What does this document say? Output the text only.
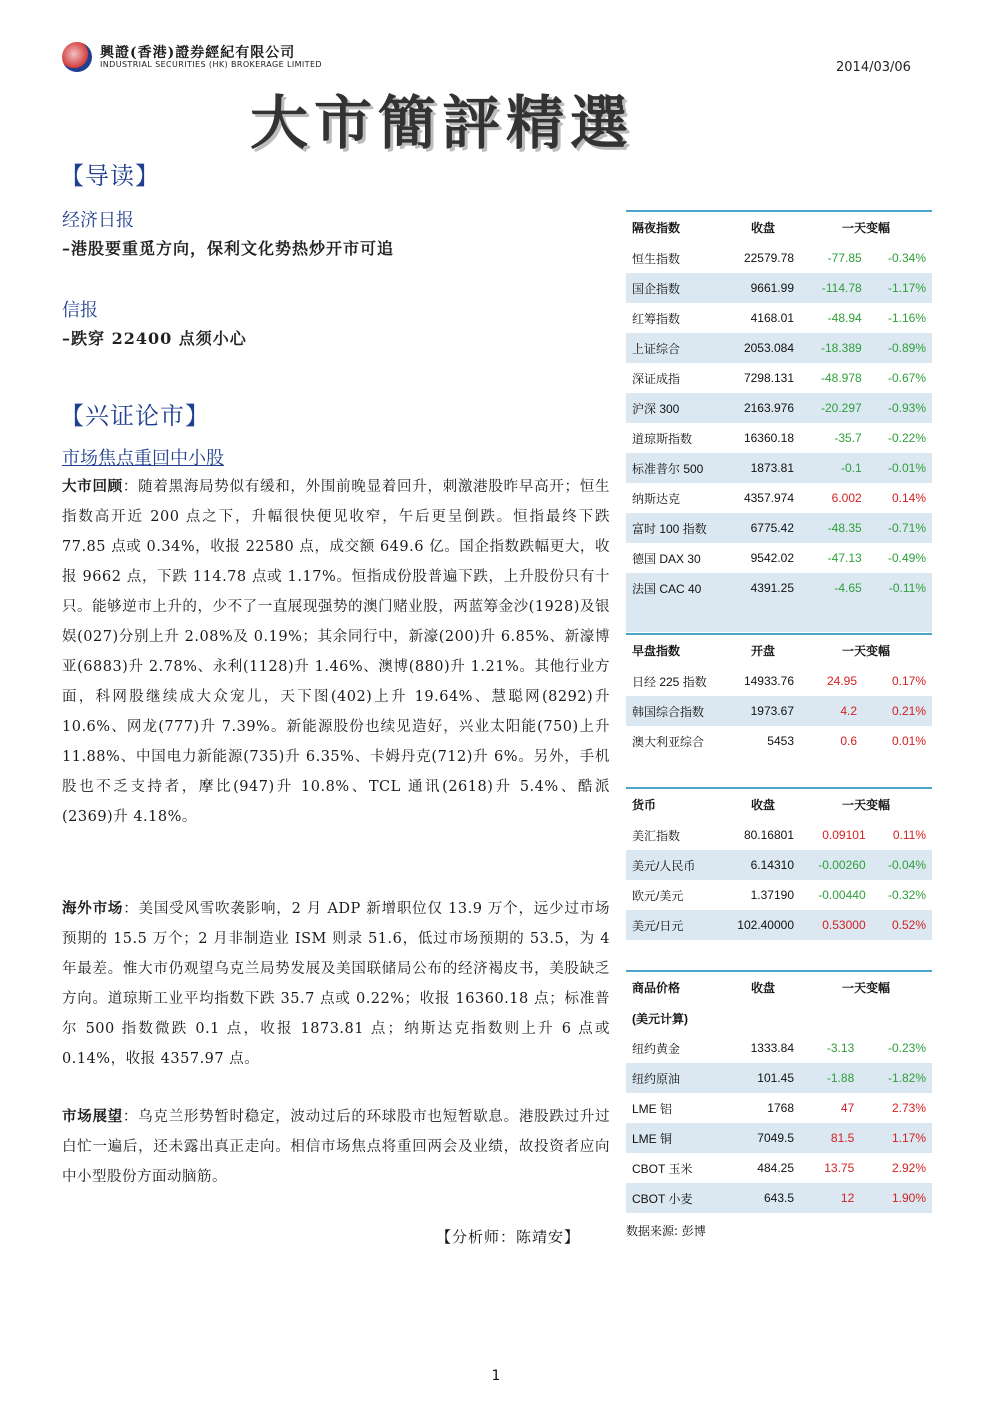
興證(香港)證券經紀有限公司
INDUSTRIAL SECURITIES (HK) BROKERAGE LIMITED	2014/03/06
大市簡評精選
【导读】
经济日报
–港股要重觅方向，保利文化势热炒开市可追
信报
–跌穿 22400 点须小心
【兴证论市】
市场焦点重回中小股
大市回顾：随着黑海局势似有缓和，外围前晚显着回升，刺激港股昨早高开；恒生指数高开近 200 点之下，升幅很快便见收窄，午后更呈倒跌。恒指最终下跌 77.85 点或 0.34%，收报 22580 点，成交额 649.6 亿。国企指数跌幅更大，收报 9662 点，下跌 114.78 点或 1.17%。恒指成份股普遍下跌，上升股份只有十只。能够逆市上升的，少不了一直展现强势的澳门赌业股，两蓝筹金沙(1928)及银娱(027)分别上升 2.08%及 0.19%；其余同行中，新濠(200)升 6.85%、新濠博亚(6883)升 2.78%、永利(1128)升 1.46%、澳博(880)升 1.21%。其他行业方面，科网股继续成大众宠儿，天下图(402)上升 19.64%、慧聪网(8292)升 10.6%、网龙(777)升 7.39%。新能源股份也续见造好，兴业太阳能(750)上升 11.88%、中国电力新能源(735)升 6.35%、卡姆丹克(712)升 6%。另外，手机股也不乏支持者，摩比(947)升 10.8%、TCL 通讯(2618)升 5.4%、酷派(2369)升 4.18%。
海外市场：美国受风雪吹袭影响，2 月 ADP 新增职位仅 13.9 万个，远少过市场预期的 15.5 万个；2 月非制造业 ISM 则录 51.6，低过市场预期的 53.5，为 4 年最差。惟大市仍观望乌克兰局势发展及美国联储局公布的经济褐皮书，美股缺乏方向。道琼斯工业平均指数下跌 35.7 点或 0.22%；收报 16360.18 点；标准普尔 500 指数微跌 0.1 点，收报 1873.81 点；纳斯达克指数则上升 6 点或 0.14%，收报 4357.97 点。
市场展望：乌克兰形势暂时稳定，波动过后的环球股市也短暂歇息。港股跌过升过白忙一遍后，还未露出真正走向。相信市场焦点将重回两会及业绩，故投资者应向中小型股份方面动脑筋。
【分析师：陈靖安】
隔夜指数	收盘	一天变幅	
恒生指数	22579.78	-77.85	-0.34%
国企指数	9661.99	-114.78	-1.17%
红筹指数	4168.01	-48.94	-1.16%
上证综合	2053.084	-18.389	-0.89%
深证成指	7298.131	-48.978	-0.67%
沪深 300	2163.976	-20.297	-0.93%
道琼斯指数	16360.18	-35.7	-0.22%
标准普尔 500	1873.81	-0.1	-0.01%
纳斯达克	4357.974	6.002	0.14%
富时 100 指数	6775.42	-48.35	-0.71%
德国 DAX 30	9542.02	-47.13	-0.49%
法国 CAC 40	4391.25	-4.65	-0.11%
早盘指数	开盘	一天变幅	
日经 225 指数	14933.76	24.95	0.17%
韩国综合指数	1973.67	4.2	0.21%
澳大利亚综合	5453	0.6	0.01%
货币	收盘	一天变幅	
美汇指数	80.16801	0.09101	0.11%
美元/人民币	6.14310	-0.00260	-0.04%
欧元/美元	1.37190	-0.00440	-0.32%
美元/日元	102.40000	0.53000	0.52%
商品价格	收盘	一天变幅	
(美元计算)			
纽约黄金	1333.84	-3.13	-0.23%
纽约原油	101.45	-1.88	-1.82%
LME 铝	1768	47	2.73%
LME 铜	7049.5	81.5	1.17%
CBOT 玉米	484.25	13.75	2.92%
CBOT 小麦	643.5	12	1.90%
数据来源: 彭博
1
